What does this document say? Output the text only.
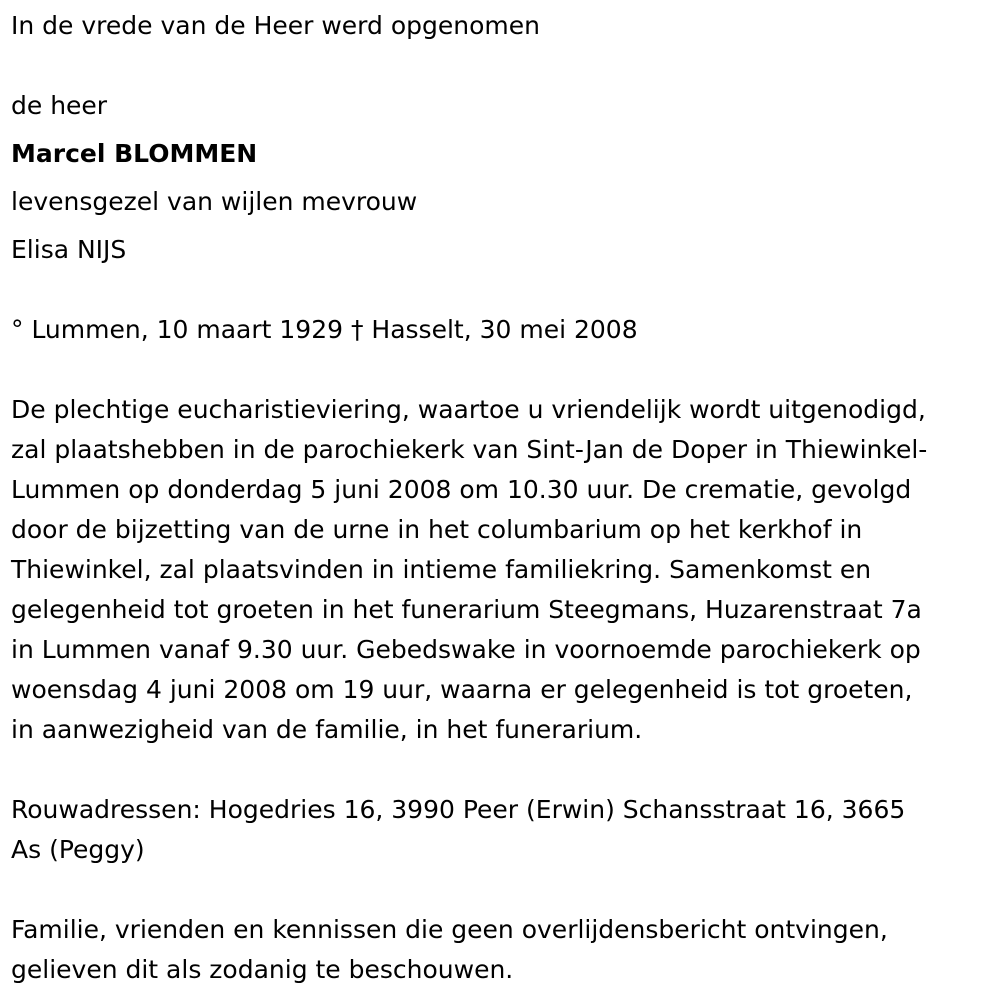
In de vrede van de Heer werd opgenomen
de heer
Marcel BLOMMEN
levensgezel van wijlen mevrouw
Elisa NIJS
° Lummen, 10 maart 1929 † Hasselt, 30 mei 2008
De plechtige eucharistieviering, waartoe u vriendelijk wordt uitgenodigd,
zal plaatshebben in de parochiekerk van Sint-Jan de Doper in Thiewinkel-
Lummen op donderdag 5 juni 2008 om 10.30 uur. De crematie, gevolgd
door de bijzetting van de urne in het columbarium op het kerkhof in
Thiewinkel, zal plaatsvinden in intieme familiekring. Samenkomst en
gelegenheid tot groeten in het funerarium Steegmans, Huzarenstraat 7a
in Lummen vanaf 9.30 uur. Gebedswake in voornoemde parochiekerk op
woensdag 4 juni 2008 om 19 uur, waarna er gelegenheid is tot groeten,
in aanwezigheid van de familie, in het funerarium.
Rouwadressen: Hogedries 16, 3990 Peer (Erwin) Schansstraat 16, 3665
As (Peggy)
Familie, vrienden en kennissen die geen overlijdensbericht ontvingen,
gelieven dit als zodanig te beschouwen.
